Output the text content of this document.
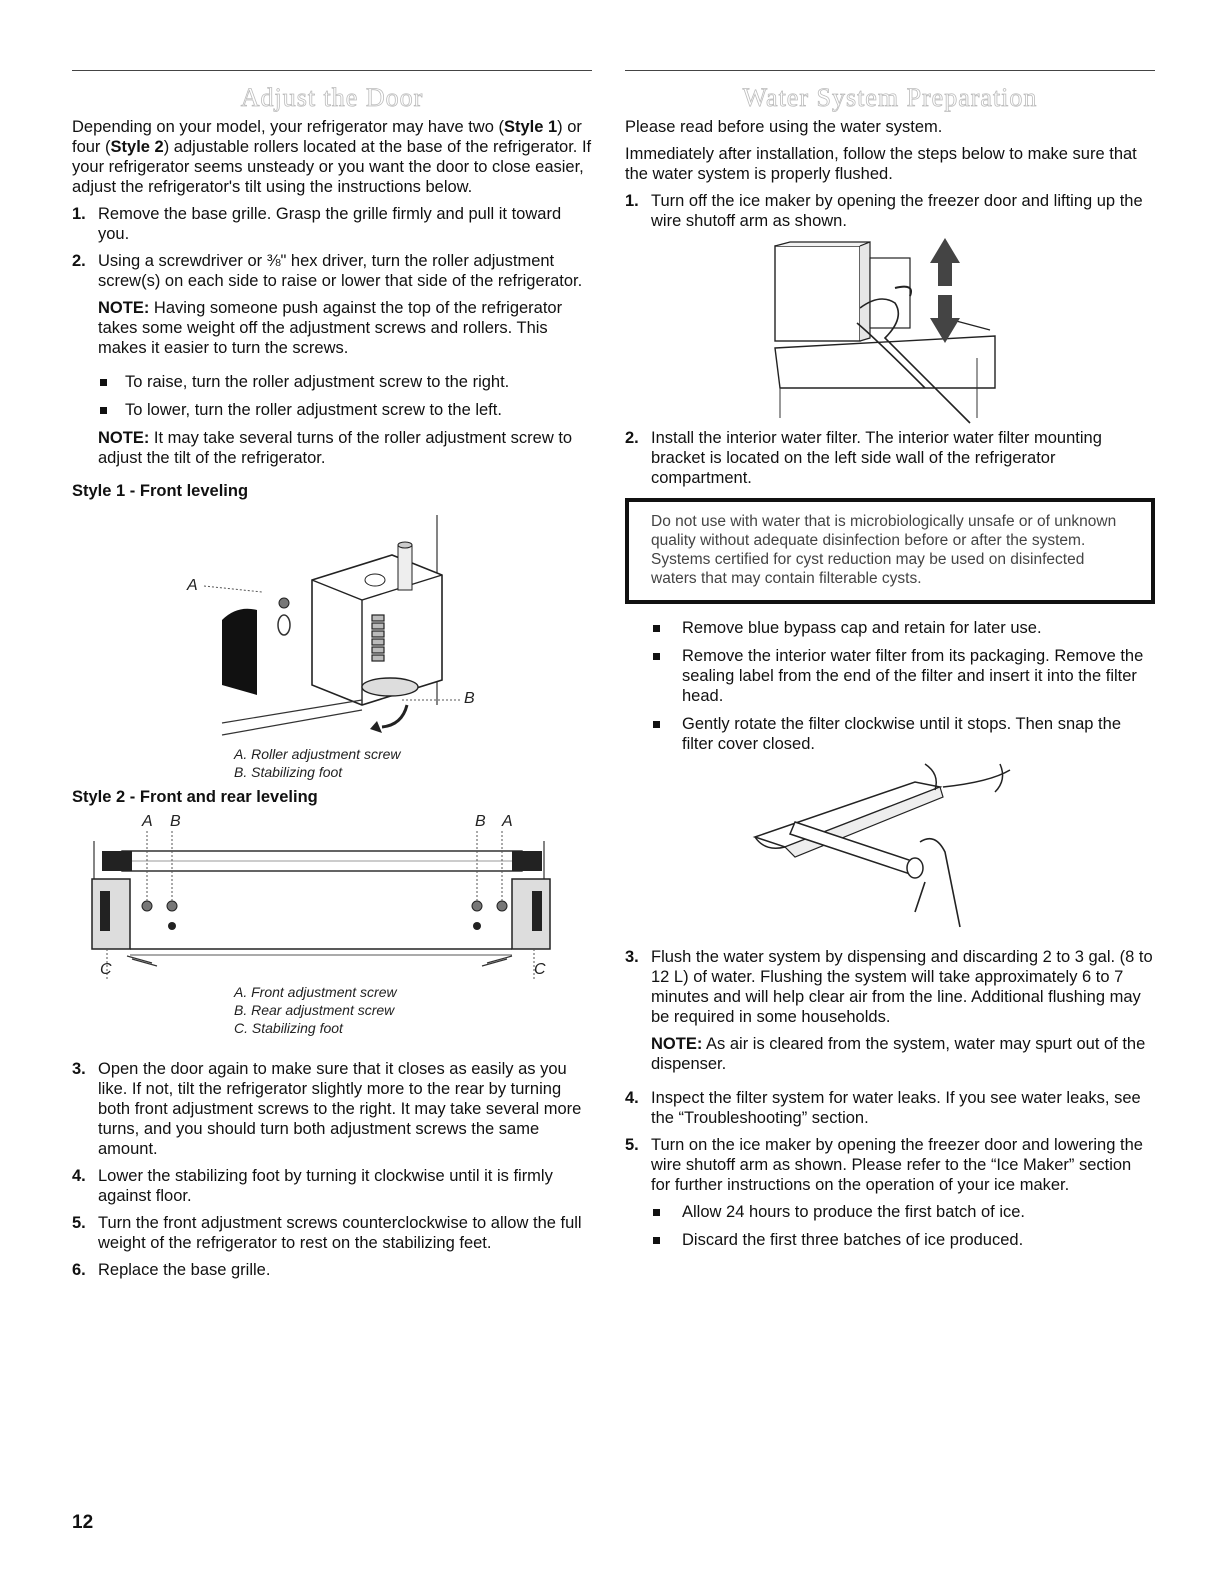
Adjust the Door

Depending on your model, your refrigerator may have two (Style 1) or four (Style 2) adjustable rollers located at the base of the refrigerator. If your refrigerator seems unsteady or you want the door to close easier, adjust the refrigerator's tilt using the instructions below.

1. Remove the base grille. Grasp the grille firmly and pull it toward you.
2. Using a screwdriver or ⅜" hex driver, turn the roller adjustment screw(s) on each side to raise or lower that side of the refrigerator.

NOTE: Having someone push against the top of the refrigerator takes some weight off the adjustment screws and rollers. This makes it easier to turn the screws.

To raise, turn the roller adjustment screw to the right.
To lower, turn the roller adjustment screw to the left.

NOTE: It may take several turns of the roller adjustment screw to adjust the tilt of the refrigerator.

Style 1 - Front leveling
A
B
A. Roller adjustment screw
B. Stabilizing foot
Style 2 - Front and rear leveling
A B	B A
C	C
A. Front adjustment screw
B. Rear adjustment screw
C. Stabilizing foot
3. Open the door again to make sure that it closes as easily as you like. If not, tilt the refrigerator slightly more to the rear by turning both front adjustment screws to the right. It may take several more turns, and you should turn both adjustment screws the same amount.
4. Lower the stabilizing foot by turning it clockwise until it is firmly against floor.
5. Turn the front adjustment screws counterclockwise to allow the full weight of the refrigerator to rest on the stabilizing feet.
6. Replace the base grille.
Water System Preparation

Please read before using the water system.

Immediately after installation, follow the steps below to make sure that the water system is properly flushed.

1. Turn off the ice maker by opening the freezer door and lifting up the wire shutoff arm as shown.
2. Install the interior water filter. The interior water filter mounting bracket is located on the left side wall of the refrigerator compartment.
Do not use with water that is microbiologically unsafe or of unknown quality without adequate disinfection before or after the system. Systems certified for cyst reduction may be used on disinfected waters that may contain filterable cysts.
Remove blue bypass cap and retain for later use.
Remove the interior water filter from its packaging. Remove the sealing label from the end of the filter and insert it into the filter head.
Gently rotate the filter clockwise until it stops. Then snap the filter cover closed.
3. Flush the water system by dispensing and discarding 2 to 3 gal. (8 to 12 L) of water. Flushing the system will take approximately 6 to 7 minutes and will help clear air from the line. Additional flushing may be required in some households.

NOTE: As air is cleared from the system, water may spurt out of the dispenser.

4. Inspect the filter system for water leaks. If you see water leaks, see the “Troubleshooting” section.
5. Turn on the ice maker by opening the freezer door and lowering the wire shutoff arm as shown. Please refer to the “Ice Maker” section for further instructions on the operation of your ice maker.
Allow 24 hours to produce the first batch of ice.
Discard the first three batches of ice produced.
12
